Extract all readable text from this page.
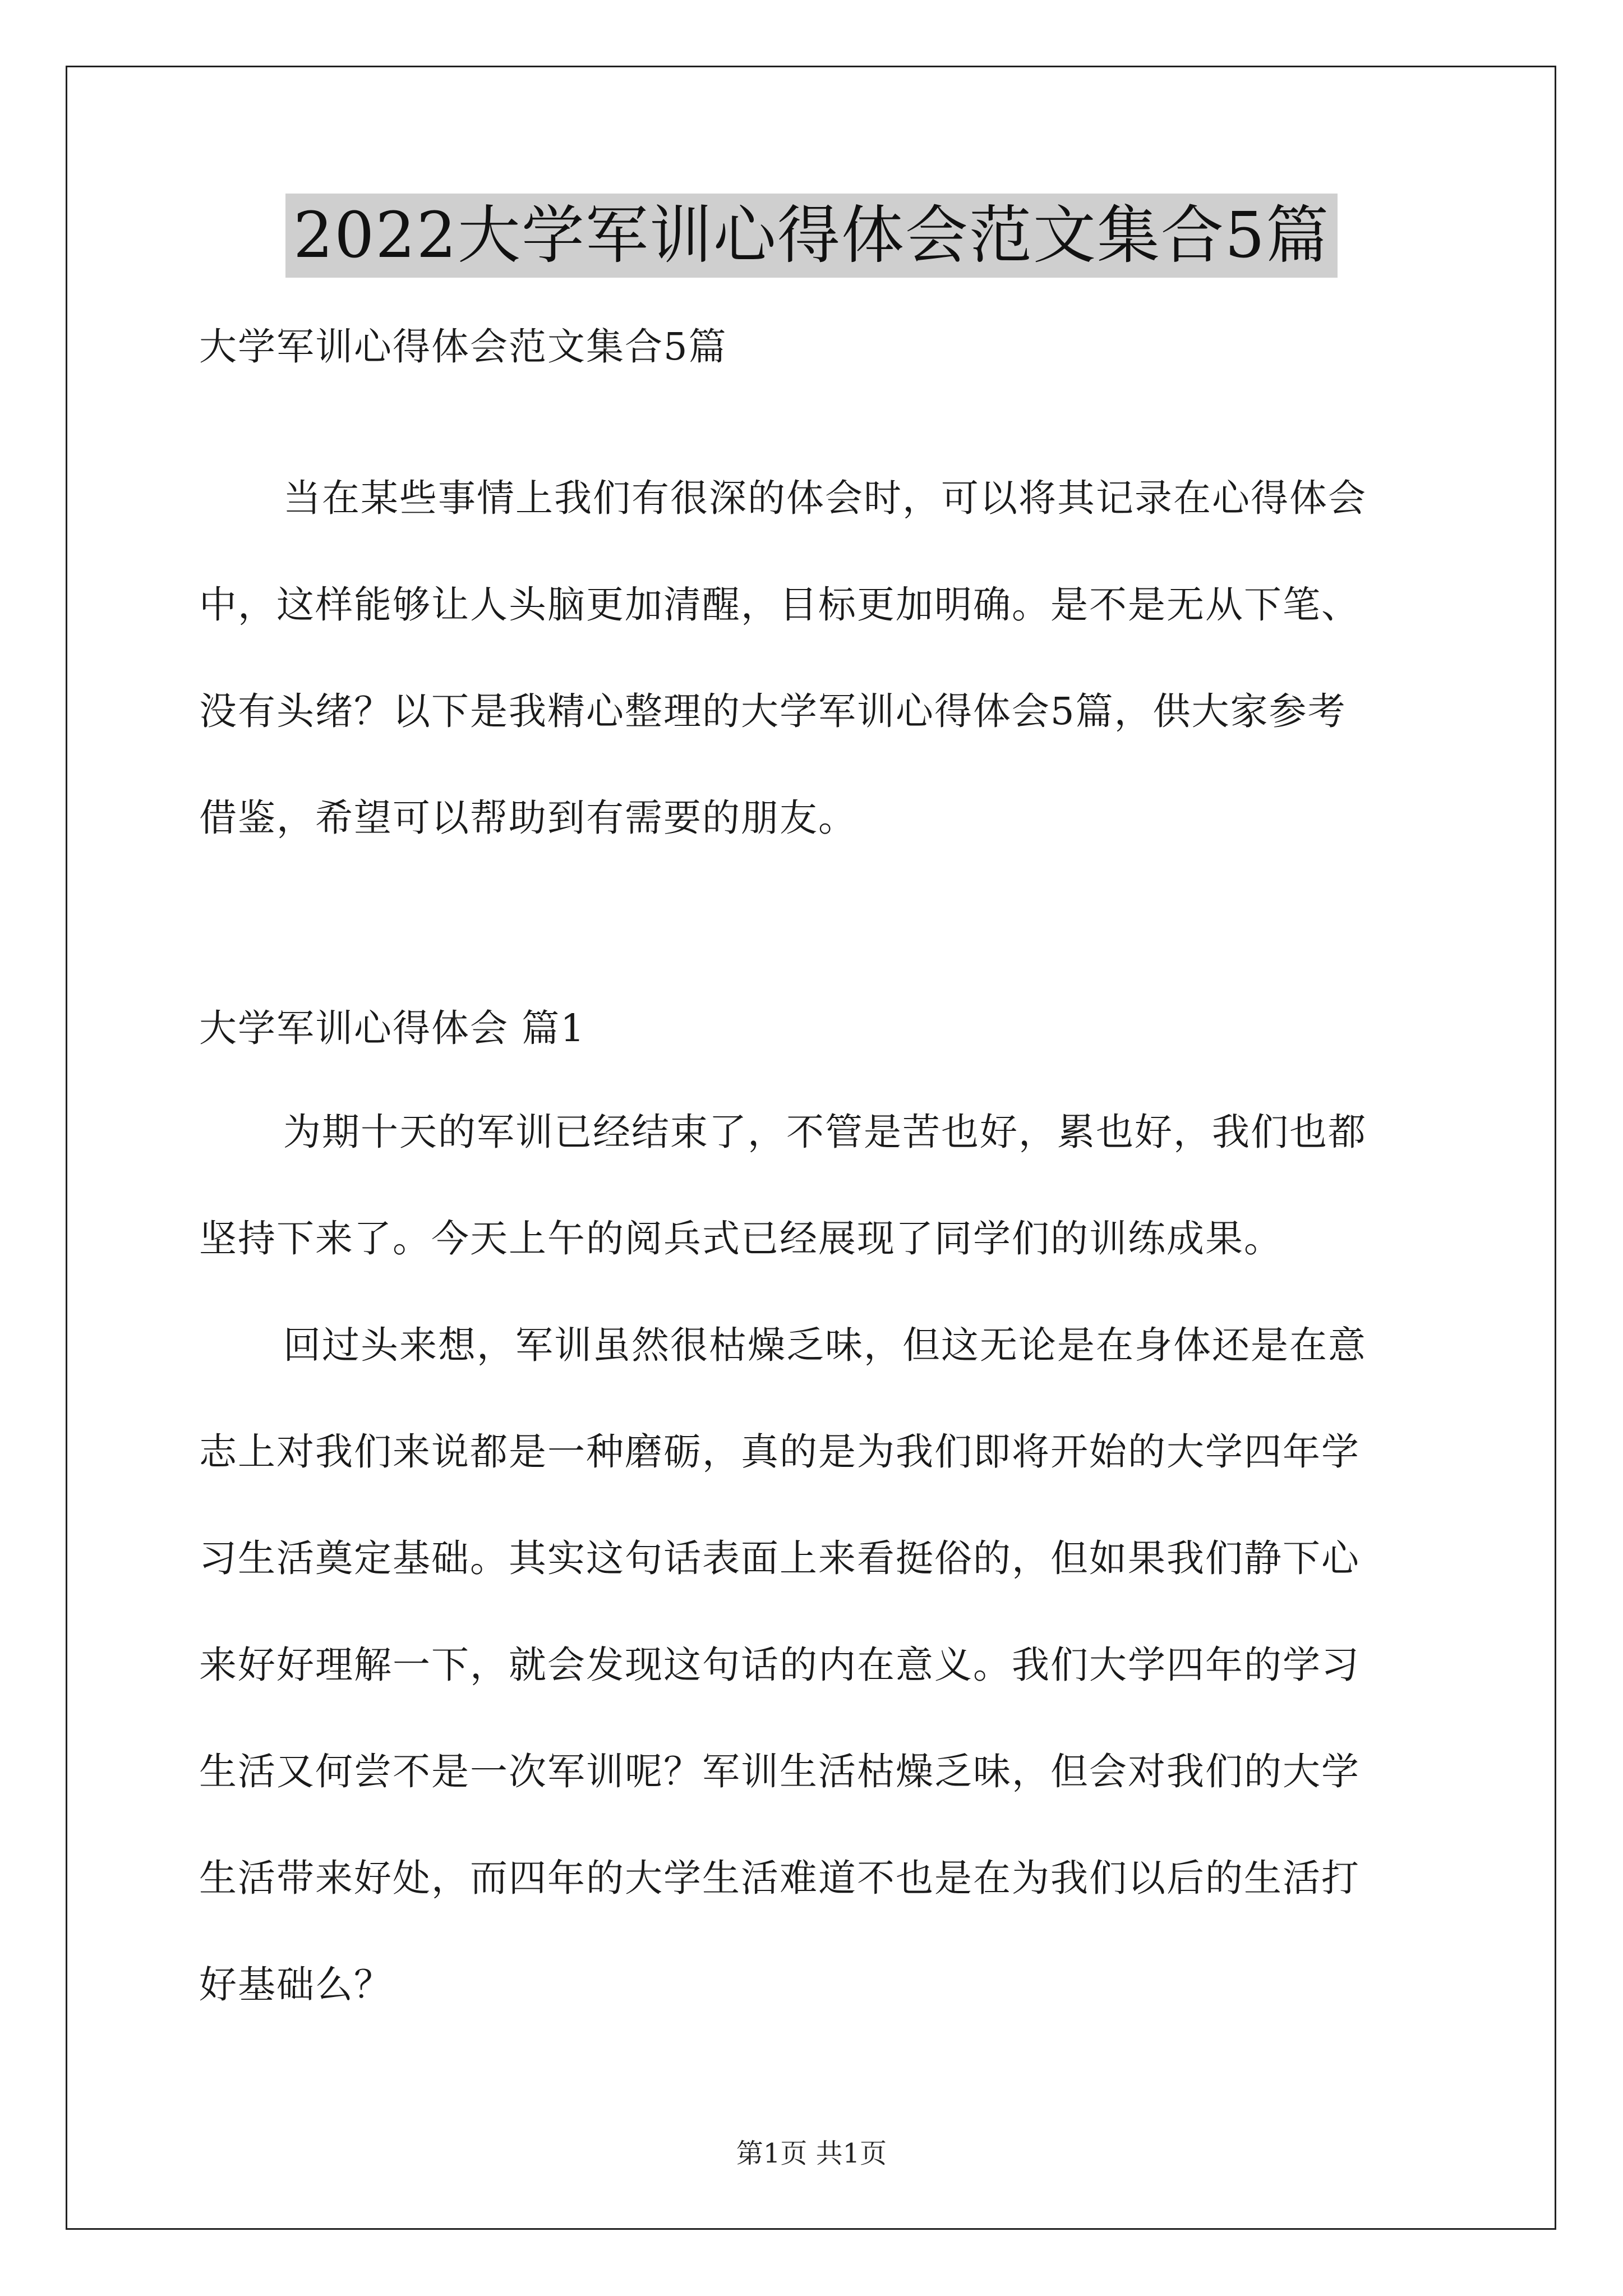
2022大学军训心得体会范文集合5篇
大学军训心得体会范文集合5篇
当在某些事情上我们有很深的体会时，可以将其记录在心得体会
中，这样能够让人头脑更加清醒，目标更加明确。是不是无从下笔、
没有头绪？以下是我精心整理的大学军训心得体会5篇，供大家参考
借鉴，希望可以帮助到有需要的朋友。
大学军训心得体会 篇1
为期十天的军训已经结束了，不管是苦也好，累也好，我们也都
坚持下来了。今天上午的阅兵式已经展现了同学们的训练成果。
回过头来想，军训虽然很枯燥乏味，但这无论是在身体还是在意
志上对我们来说都是一种磨砺，真的是为我们即将开始的大学四年学
习生活奠定基础。其实这句话表面上来看挺俗的，但如果我们静下心
来好好理解一下，就会发现这句话的内在意义。我们大学四年的学习
生活又何尝不是一次军训呢？军训生活枯燥乏味，但会对我们的大学
生活带来好处，而四年的大学生活难道不也是在为我们以后的生活打
好基础么？
第1页 共1页
